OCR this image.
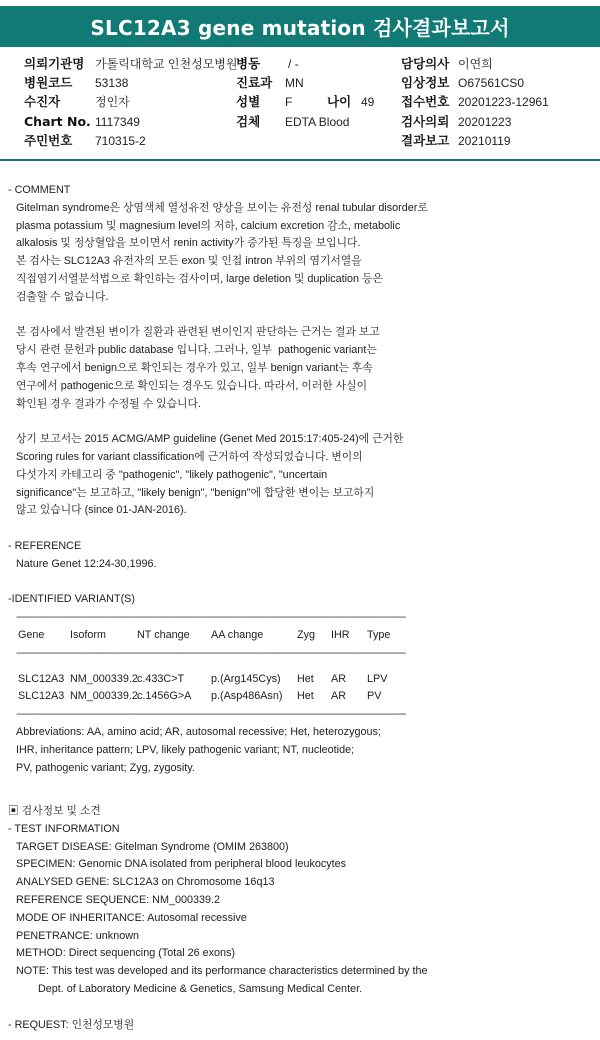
SLC12A3 gene mutation 검사결과보고서
의뢰기관명 가톨릭대학교 인천성모병원
병동 / -	담당의사 이연희
병원코드 53138	진료과 MN	임상정보 O67561CS0
수진자	정인자	성별 F	나이 49 접수번호 20201223-12961
Chart No. 1117349	검체 EDTA Blood	검사의뢰 20201223
주민번호 710315-2	결과보고 20210119
- COMMENT
Gitelman syndrome은 상염색체 열성유전 양상을 보이는 유전성 renal tubular disorder로
plasma potassium 및 magnesium level의 저하, calcium excretion 감소, metabolic
alkalosis 및 정상혈압을 보이면서 renin activity가 증가된 특징을 보입니다.
본 검사는 SLC12A3 유전자의 모든 exon 및 인접 intron 부위의 염기서열을
직접염기서열분석법으로 확인하는 검사이며, large deletion 및 duplication 등은
검출할 수 없습니다.
본 검사에서 발견된 변이가 질환과 관련된 변이인지 판단하는 근거는 결과 보고
당시 관련 문헌과 public database 입니다. 그러나, 일부  pathogenic variant는
후속 연구에서 benign으로 확인되는 경우가 있고, 일부 benign variant는 후속
연구에서 pathogenic으로 확인되는 경우도 있습니다. 따라서, 이러한 사실이
확인된 경우 결과가 수정될 수 있습니다.
상기 보고서는 2015 ACMG/AMP guideline (Genet Med 2015:17:405-24)에 근거한
Scoring rules for variant classification에 근거하여 작성되었습니다. 변이의
다섯가지 카테고리 중 "pathogenic", "likely pathogenic", "uncertain
significance"는 보고하고, "likely benign", "benign"에 합당한 변이는 보고하지
않고 있습니다 (since 01-JAN-2016).
- REFERENCE
Nature Genet 12:24-30,1996.
-IDENTIFIED VARIANT(S)
------------------------------------------------------------------------------------------------------------------------------------------------------
Gene	Isoform	NT change	AA change	Zyg	IHR	Type
------------------------------------------------------------------------------------------------------------------------------------------------------
SLC12A3 NM_000339.2 c.433C>T	p.(Arg145Cys)	Het	AR	LPV
SLC12A3 NM_000339.2 c.1456G>A	p.(Asp486Asn)	Het	AR	PV
------------------------------------------------------------------------------------------------------------------------------------------------------
Abbreviations: AA, amino acid; AR, autosomal recessive; Het, heterozygous;
IHR, inheritance pattern; LPV, likely pathogenic variant; NT, nucleotide;
PV, pathogenic variant; Zyg, zygosity.
▣ 검사정보 및 소견
- TEST INFORMATION
TARGET DISEASE: Gitelman Syndrome (OMIM 263800)
SPECIMEN: Genomic DNA isolated from peripheral blood leukocytes
ANALYSED GENE: SLC12A3 on Chromosome 16q13
REFERENCE SEQUENCE: NM_000339.2
MODE OF INHERITANCE: Autosomal recessive
PENETRANCE: unknown
METHOD: Direct sequencing (Total 26 exons)
NOTE: This test was developed and its performance characteristics determined by the
Dept. of Laboratory Medicine & Genetics, Samsung Medical Center.
- REQUEST: 인천성모병원
